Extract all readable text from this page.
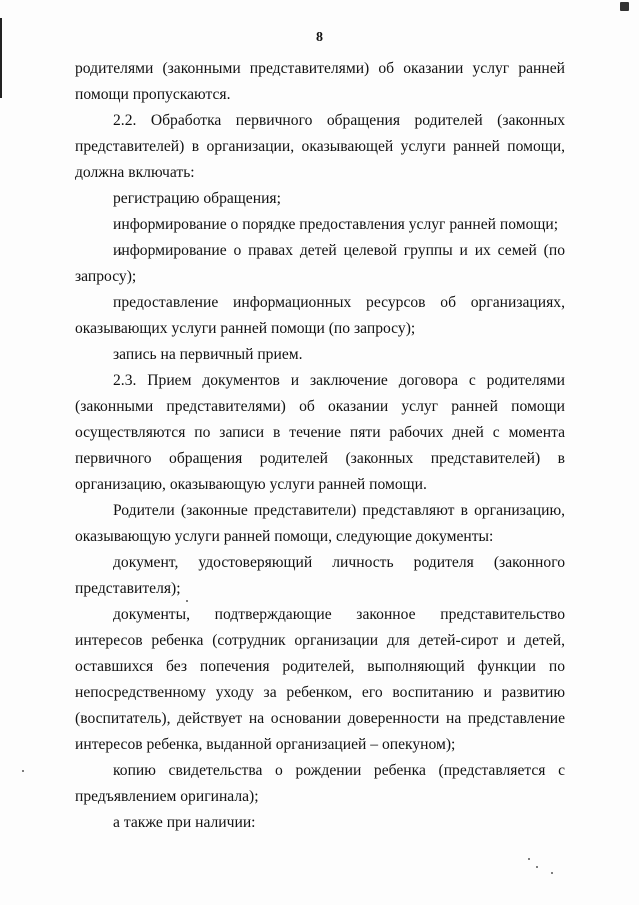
8

родителями (законными представителями) об оказании услуг ранней помощи пропускаются.

2.2. Обработка первичного обращения родителей (законных представителей) в организации, оказывающей услуги ранней помощи, должна включать:

регистрацию обращения;

информирование о порядке предоставления услуг ранней помощи;

информирование о правах детей целевой группы и их семей (по запросу);

предоставление информационных ресурсов об организациях, оказывающих услуги ранней помощи (по запросу);

запись на первичный прием.

2.3. Прием документов и заключение договора с родителями (законными представителями) об оказании услуг ранней помощи осуществляются по записи в течение пяти рабочих дней с момента первичного обращения родителей (законных представителей) в организацию, оказывающую услуги ранней помощи.

Родители (законные представители) представляют в организацию, оказывающую услуги ранней помощи, следующие документы:

документ, удостоверяющий личность родителя (законного представителя);

документы, подтверждающие законное представительство интересов ребенка (сотрудник организации для детей-сирот и детей, оставшихся без попечения родителей, выполняющий функции по непосредственному уходу за ребенком, его воспитанию и развитию (воспитатель), действует на основании доверенности на представление интересов ребенка, выданной организацией – опекуном);

копию свидетельства о рождении ребенка (представляется с предъявлением оригинала);

а также при наличии:
